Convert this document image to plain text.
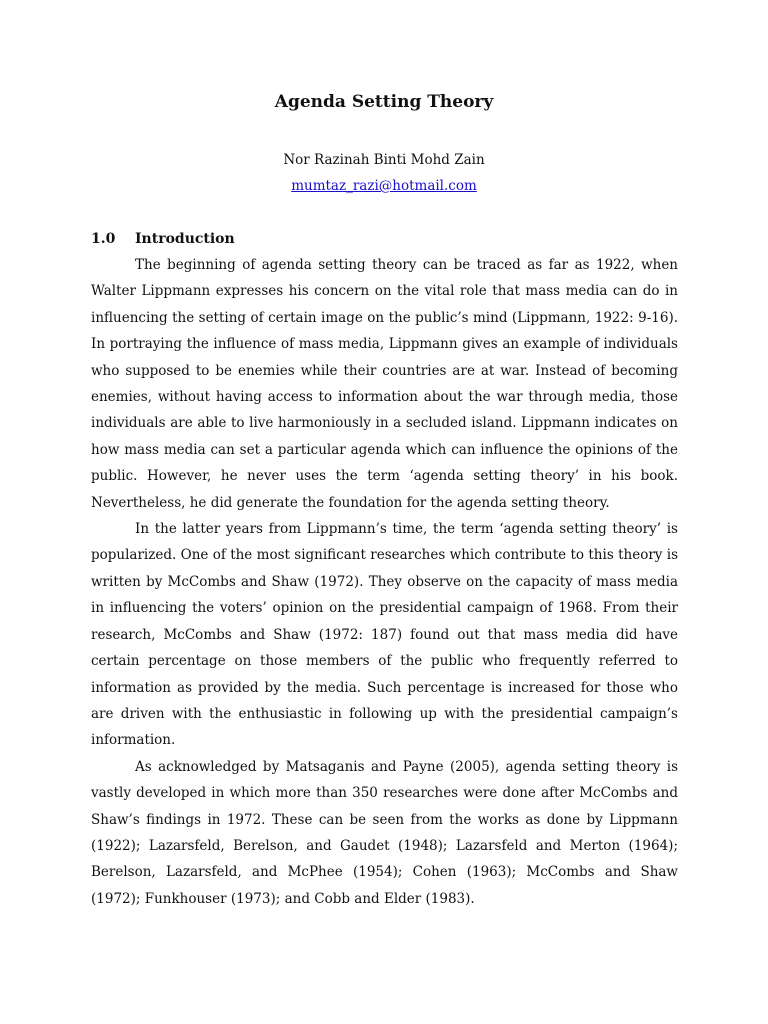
Agenda Setting Theory
Nor Razinah Binti Mohd Zain
mumtaz_razi@hotmail.com
1.0 Introduction

The beginning of agenda setting theory can be traced as far as 1922, when Walter Lippmann expresses his concern on the vital role that mass media can do in influencing the setting of certain image on the public’s mind (Lippmann, 1922: 9-16). In portraying the influence of mass media, Lippmann gives an example of individuals who supposed to be enemies while their countries are at war. Instead of becoming enemies, without having access to information about the war through media, those individuals are able to live harmoniously in a secluded island. Lippmann indicates on how mass media can set a particular agenda which can influence the opinions of the public. However, he never uses the term ‘agenda setting theory’ in his book. Nevertheless, he did generate the foundation for the agenda setting theory.

In the latter years from Lippmann’s time, the term ‘agenda setting theory’ is popularized. One of the most significant researches which contribute to this theory is written by McCombs and Shaw (1972). They observe on the capacity of mass media in influencing the voters’ opinion on the presidential campaign of 1968. From their research, McCombs and Shaw (1972: 187) found out that mass media did have certain percentage on those members of the public who frequently referred to information as provided by the media. Such percentage is increased for those who are driven with the enthusiastic in following up with the presidential campaign’s information.

As acknowledged by Matsaganis and Payne (2005), agenda setting theory is vastly developed in which more than 350 researches were done after McCombs and Shaw’s findings in 1972. These can be seen from the works as done by Lippmann (1922); Lazarsfeld, Berelson, and Gaudet (1948); Lazarsfeld and Merton (1964); Berelson, Lazarsfeld, and McPhee (1954); Cohen (1963); McCombs and Shaw (1972); Funkhouser (1973); and Cobb and Elder (1983).
